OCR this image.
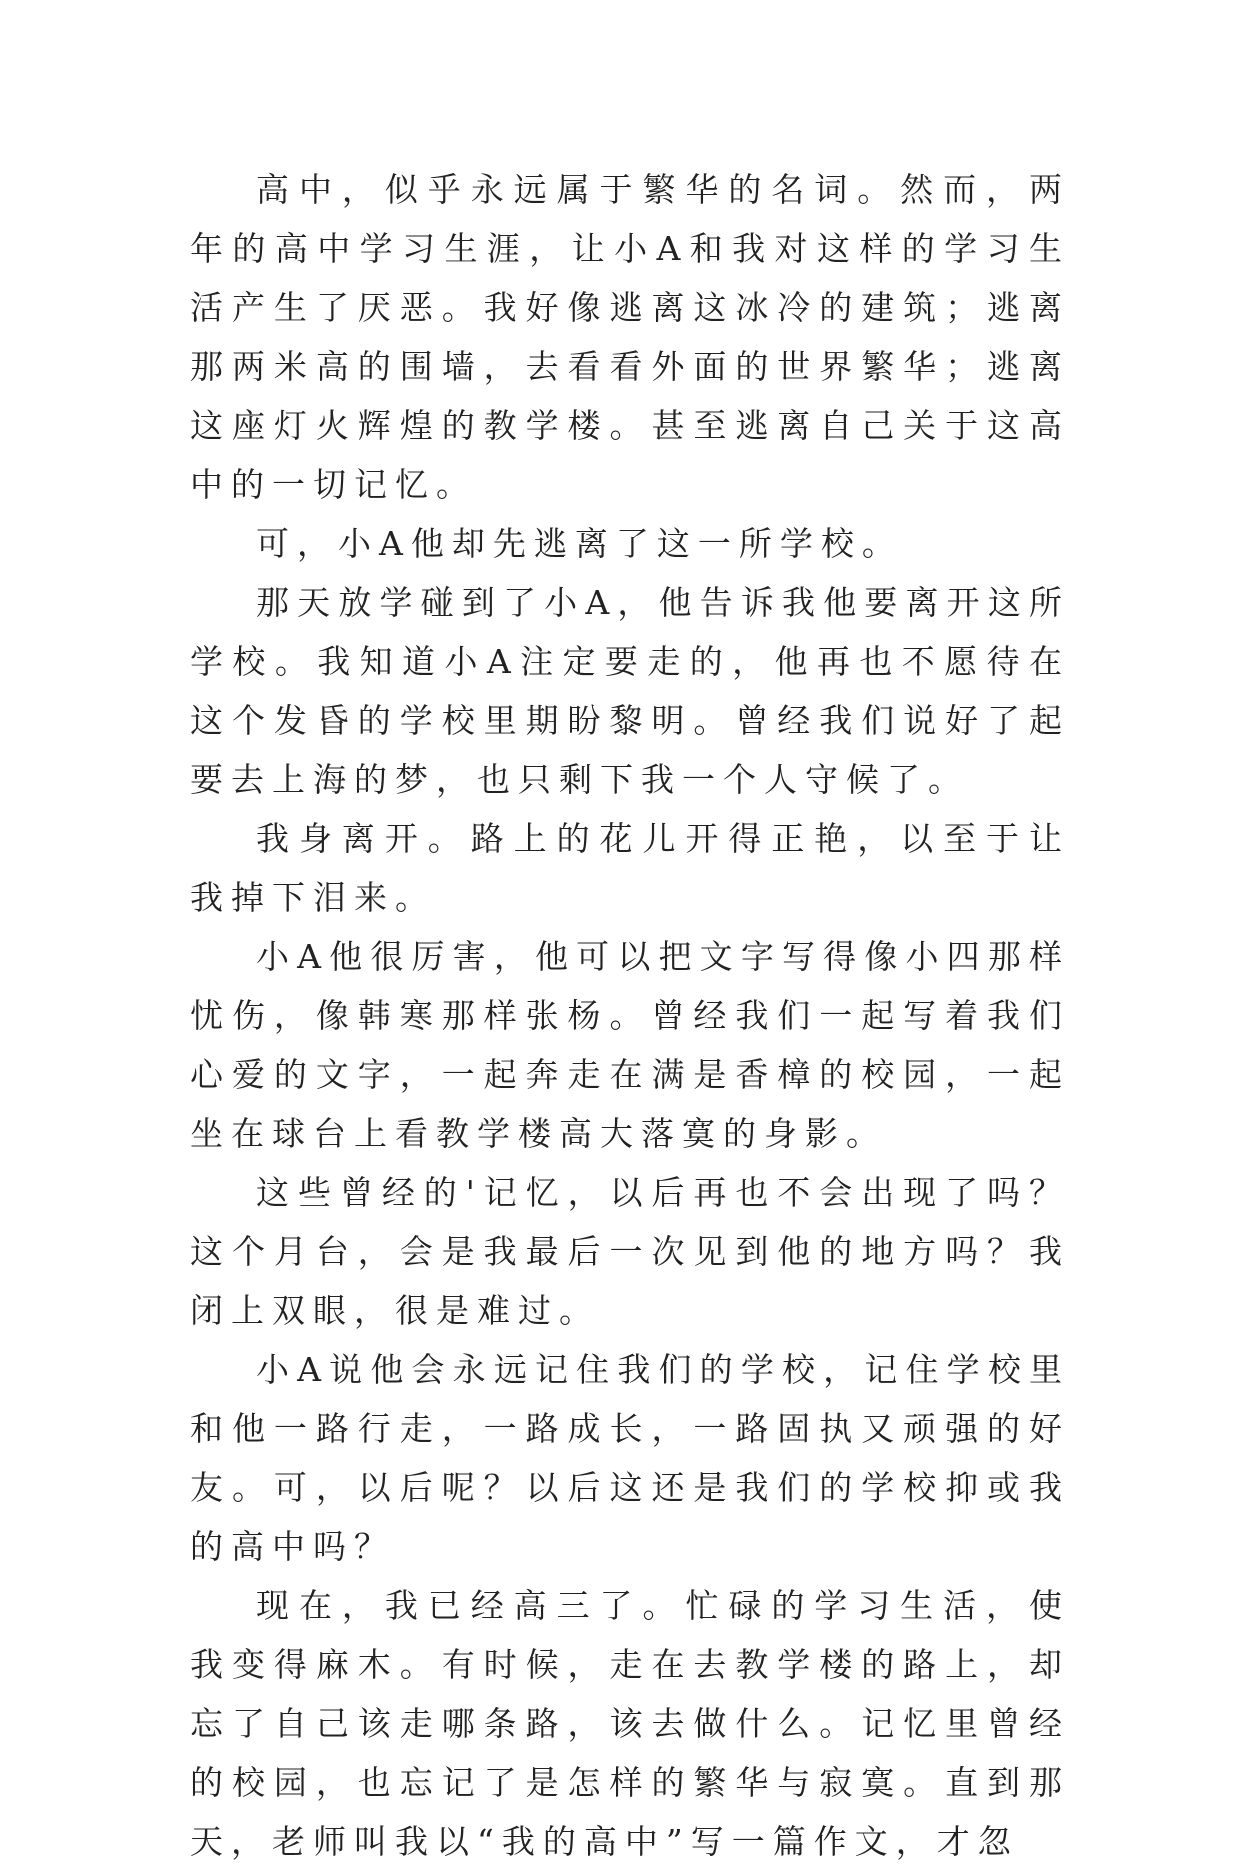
高中，似乎永远属于繁华的名词。然而，两年的高中学习生涯，让小A和我对这样的学习生活产生了厌恶。我好像逃离这冰冷的建筑；逃离那两米高的围墙，去看看外面的世界繁华；逃离这座灯火辉煌的教学楼。甚至逃离自己关于这高中的一切记忆。

可，小A他却先逃离了这一所学校。

那天放学碰到了小A，他告诉我他要离开这所学校。我知道小A注定要走的，他再也不愿待在这个发昏的学校里期盼黎明。曾经我们说好了起要去上海的梦，也只剩下我一个人守候了。

我身离开。路上的花儿开得正艳，以至于让我掉下泪来。

小A他很厉害，他可以把文字写得像小四那样忧伤，像韩寒那样张杨。曾经我们一起写着我们心爱的文字，一起奔走在满是香樟的校园，一起坐在球台上看教学楼高大落寞的身影。

这些曾经的'记忆，以后再也不会出现了吗？这个月台，会是我最后一次见到他的地方吗？我闭上双眼，很是难过。

小A说他会永远记住我们的学校，记住学校里和他一路行走，一路成长，一路固执又顽强的好友。可，以后呢？以后这还是我们的学校抑或我的高中吗？

现在，我已经高三了。忙碌的学习生活，使我变得麻木。有时候，走在去教学楼的路上，却忘了自己该走哪条路，该去做什么。记忆里曾经的校园，也忘记了是怎样的繁华与寂寞。直到那天，老师叫我以“我的高中”写一篇作文，才忽
